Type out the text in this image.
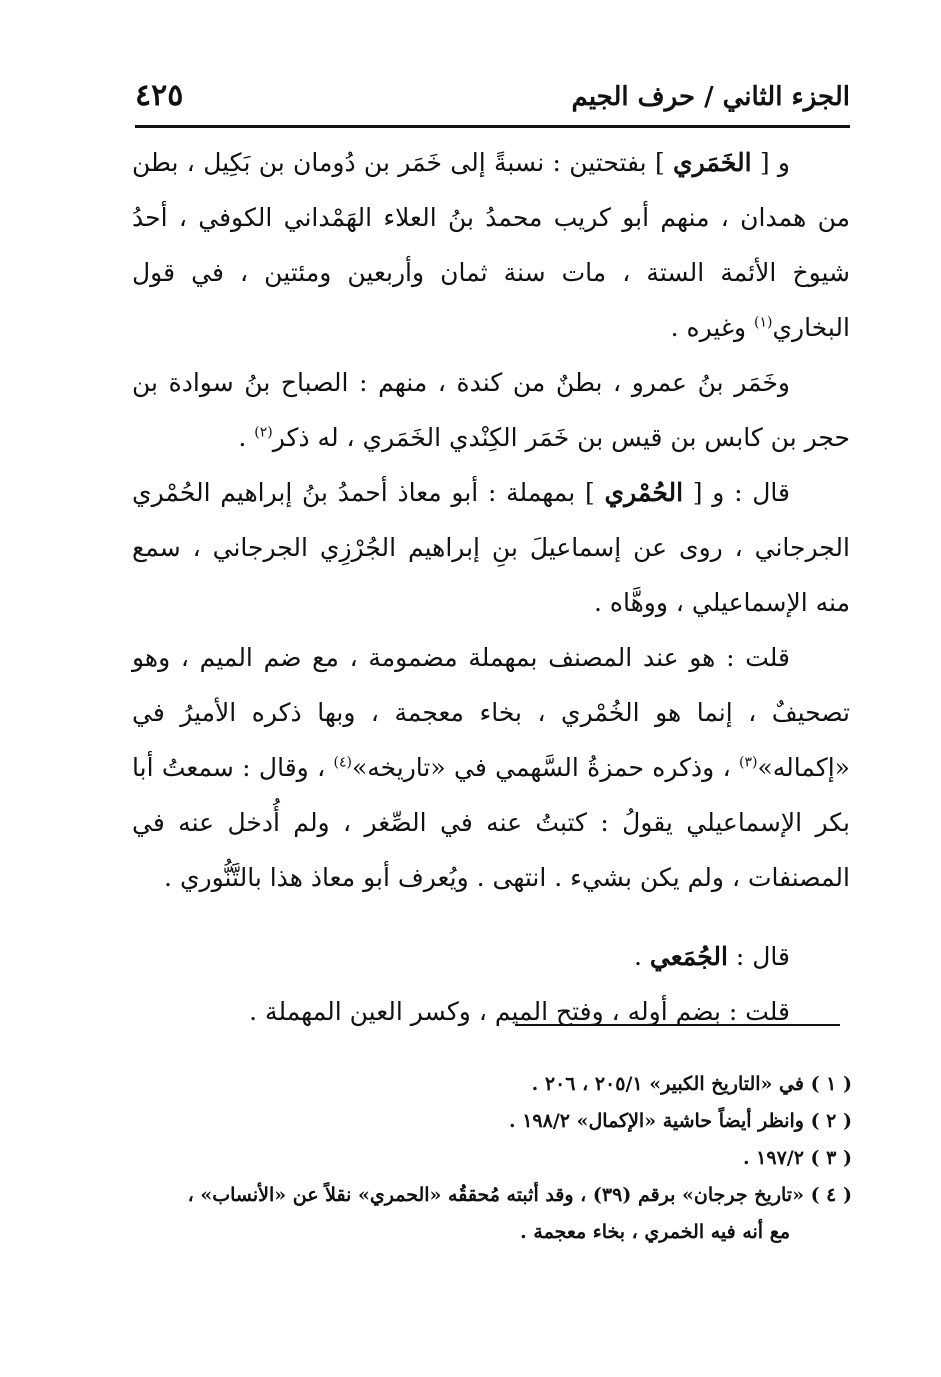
الجزء الثاني / حرف الجيم
٤٢٥

و [ الخَمَري ] بفتحتين : نسبةً إلى خَمَر بن دُومان بن بَكِيل ، بطن من همدان ، منهم أبو كريب محمدُ بنُ العلاء الهَمْداني الكوفي ، أحدُ شيوخ الأئمة الستة ، مات سنة ثمان وأربعين ومئتين ، في قول البخاري$^{(١)}$ وغيره .

وخَمَر بنُ عمرو ، بطنٌ من كندة ، منهم : الصباح بنُ سوادة بن حجر بن كابس بن قيس بن خَمَر الكِنْدي الخَمَري ، له ذكر$^{(٢)}$ .

قال : و [ الحُمْري ] بمهملة : أبو معاذ أحمدُ بنُ إبراهيم الحُمْري الجرجاني ، روى عن إسماعيلَ بنِ إبراهيم الجُرْزِي الجرجاني ، سمع منه الإسماعيلي ، ووهَّاه .

قلت : هو عند المصنف بمهملة مضمومة ، مع ضم الميم ، وهو تصحيفٌ ، إنما هو الخُمْري ، بخاء معجمة ، وبها ذكره الأميرُ في «إكماله»$^{(٣)}$ ، وذكره حمزةُ السَّهمي في «تاريخه»$^{(٤)}$ ، وقال : سمعتُ أبا بكر الإسماعيلي يقولُ : كتبتُ عنه في الصِّغر ، ولم أُدخل عنه في المصنفات ، ولم يكن بشيء . انتهى . ويُعرف أبو معاذ هذا بالتَّنُّوري .

قال : الجُمَعي .

قلت : بضم أوله ، وفتح الميم ، وكسر العين المهملة .

( ١ ) في «التاريخ الكبير» ٢٠٥/١ ، ٢٠٦ .

( ٢ ) وانظر أيضاً حاشية «الإكمال» ١٩٨/٢ .

( ٣ ) ١٩٧/٢ .

( ٤ ) «تاريخ جرجان» برقم (٣٩) ، وقد أثبته مُحققُه «الحمري» نقلاً عن «الأنساب» ،

مع أنه فيه الخمري ، بخاء معجمة .
